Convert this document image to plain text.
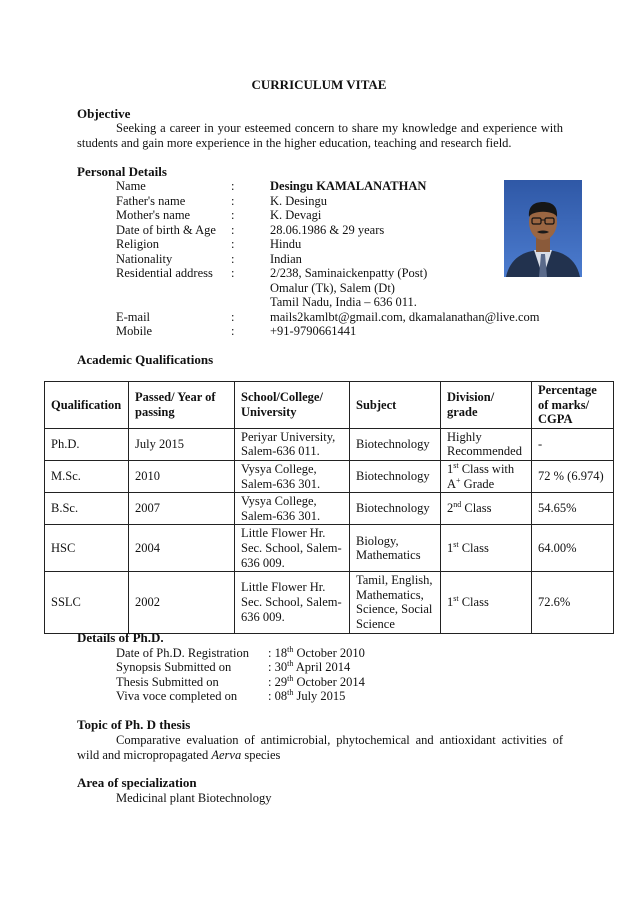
CURRICULUM VITAE
Objective
Seeking a career in your esteemed concern to share my knowledge and experience with students and gain more experience in the higher education, teaching and research field.
Personal Details
Name	:	Desingu KAMALANATHAN
Father's name	:	K. Desingu
Mother's name	:	K. Devagi
Date of birth & Age :	28.06.1986 & 29 years
Religion	:	Hindu
Nationality	:	Indian
Residential address :	2/238, Saminaickenpatty (Post)
Omalur (Tk), Salem (Dt)
Tamil Nadu, India – 636 011.
E-mail	:	mails2kamlbt@gmail.com, dkamalanathan@live.com
Mobile	:	+91-9790661441
Academic Qualifications
Qualification	Passed/ Year of passing	School/College/ University	Subject	Division/ grade	Percentage of marks/ CGPA
Ph.D.	July 2015	Periyar University, Salem-636 011.	Biotechnology	Highly Recommended	-
M.Sc.	2010	Vysya College, Salem-636 301.	Biotechnology	1st Class with A+ Grade	72 % (6.974)
B.Sc.	2007	Vysya College, Salem-636 301.	Biotechnology	2nd Class	54.65%
HSC	2004	Little Flower Hr. Sec. School, Salem-636 009.	Biology, Mathematics	1st Class	64.00%
SSLC	2002	Little Flower Hr. Sec. School, Salem-636 009.	Tamil, English, Mathematics, Science, Social Science	1st Class	72.6%
Details of Ph.D.
Date of Ph.D. Registration : 18th October 2010
Synopsis Submitted on	: 30th April 2014
Thesis Submitted on	: 29th October 2014
Viva voce completed on : 08th July 2015
Topic of Ph. D thesis
Comparative evaluation of antimicrobial, phytochemical and antioxidant activities of wild and micropropagated Aerva species
Area of specialization
Medicinal plant Biotechnology
